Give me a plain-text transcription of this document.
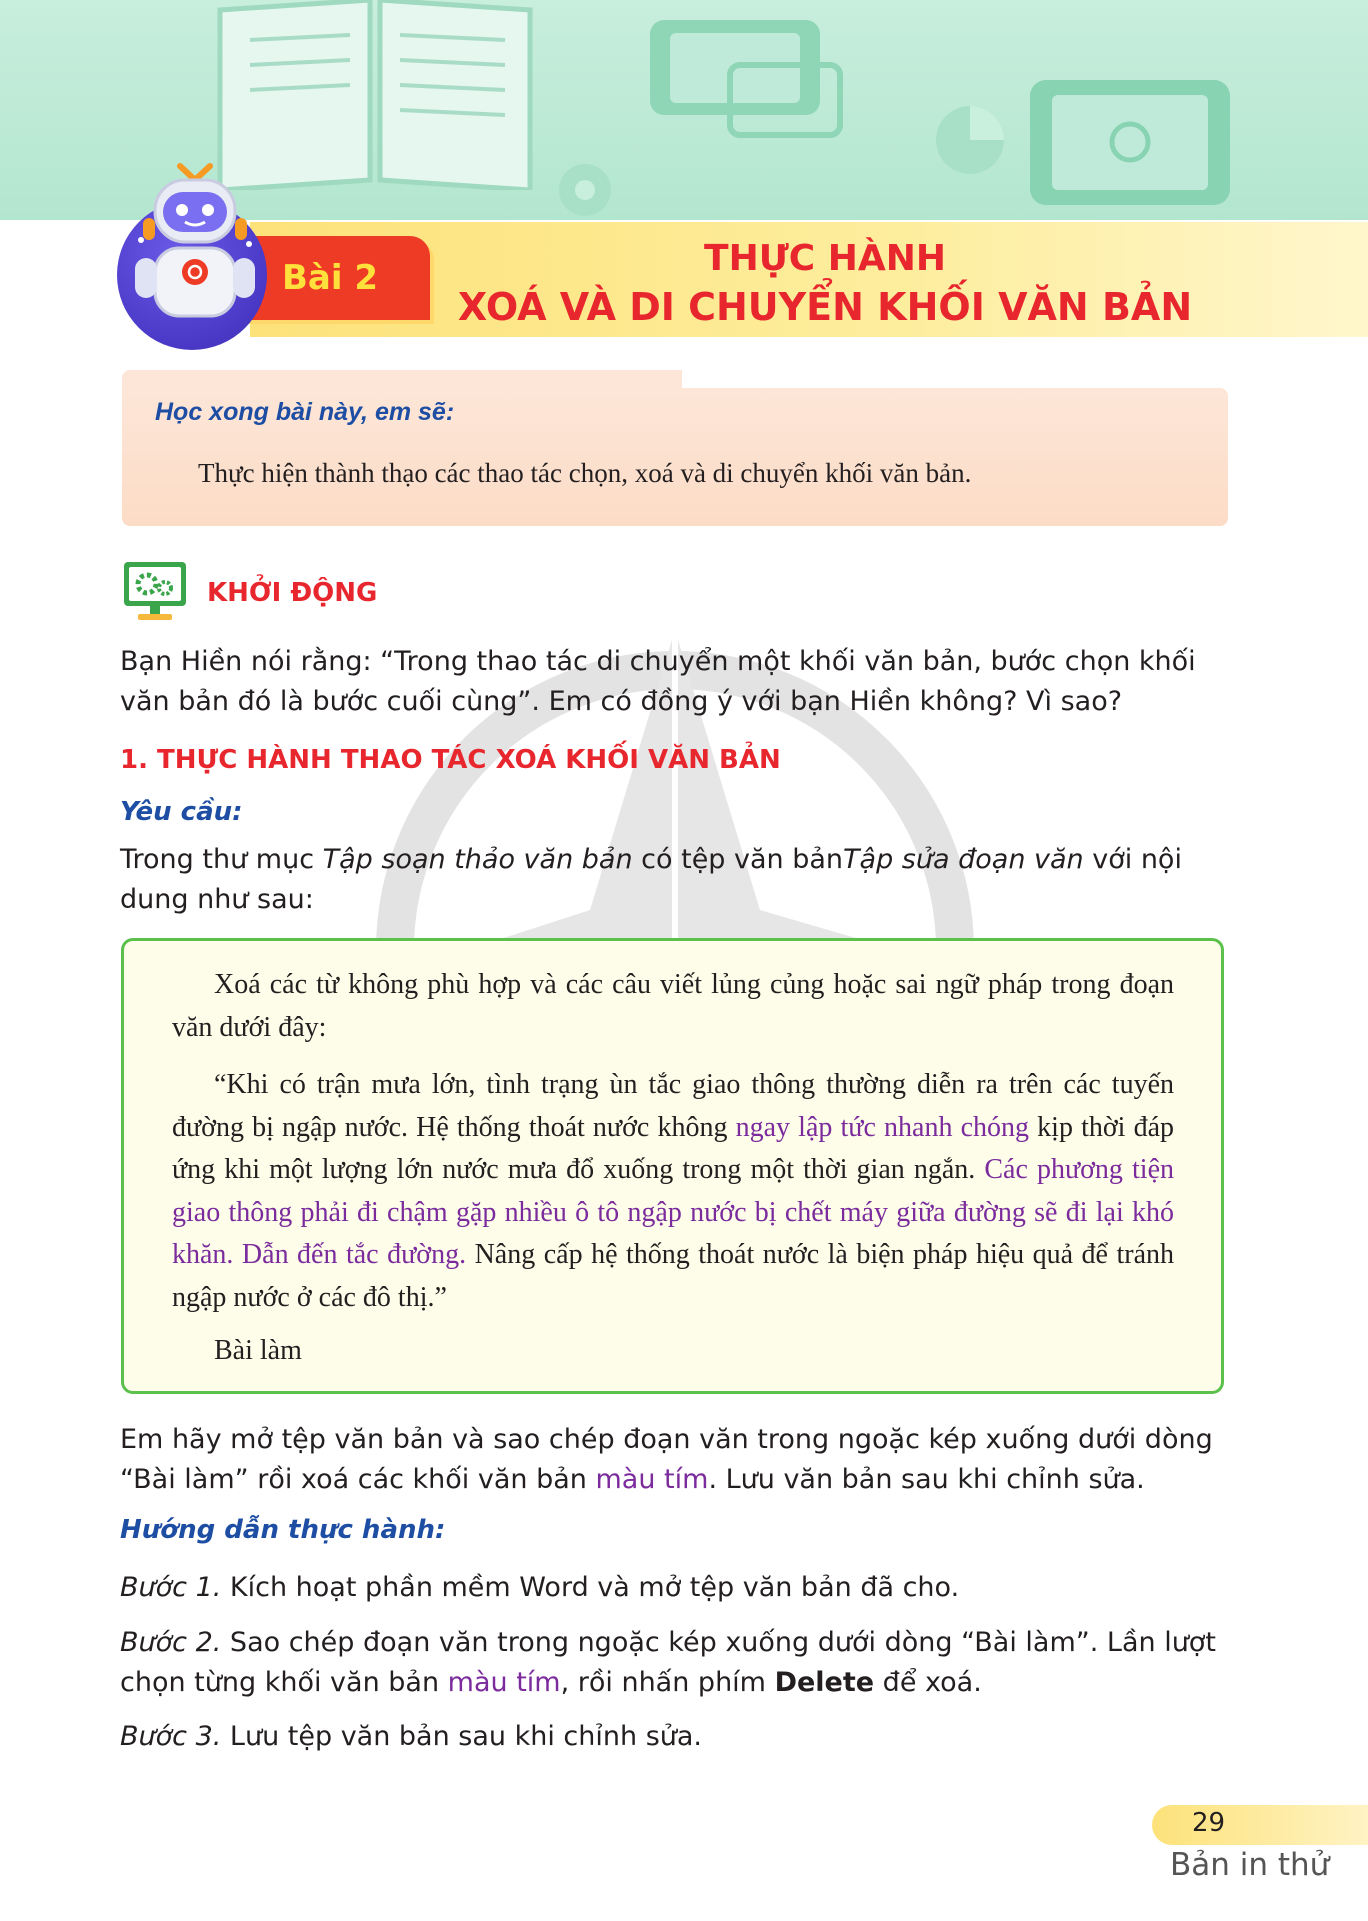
THỰC HÀNH
XOÁ VÀ DI CHUYỂN KHỐI VĂN BẢN
Bài 2
Học xong bài này, em sẽ:
Thực hiện thành thạo các thao tác chọn, xoá và di chuyển khối văn bản.
KHỞI ĐỘNG
Bạn Hiền nói rằng: “Trong thao tác di chuyển một khối văn bản, bước chọn khối văn bản đó là bước cuối cùng”. Em có đồng ý với bạn Hiền không? Vì sao?
1. THỰC HÀNH THAO TÁC XOÁ KHỐI VĂN BẢN
Yêu cầu:
Trong thư mục Tập soạn thảo văn bản có tệp văn bảnTập sửa đoạn văn với nội dung như sau:
Xoá các từ không phù hợp và các câu viết lủng củng hoặc sai ngữ pháp trong đoạn văn dưới đây:
“Khi có trận mưa lớn, tình trạng ùn tắc giao thông thường diễn ra trên các tuyến đường bị ngập nước. Hệ thống thoát nước không ngay lập tức nhanh chóng kịp thời đáp ứng khi một lượng lớn nước mưa đổ xuống trong một thời gian ngắn. Các phương tiện giao thông phải đi chậm gặp nhiều ô tô ngập nước bị chết máy giữa đường sẽ đi lại khó khăn. Dẫn đến tắc đường. Nâng cấp hệ thống thoát nước là biện pháp hiệu quả để tránh ngập nước ở các đô thị.”
Bài làm
Em hãy mở tệp văn bản và sao chép đoạn văn trong ngoặc kép xuống dưới dòng “Bài làm” rồi xoá các khối văn bản màu tím. Lưu văn bản sau khi chỉnh sửa.
Hướng dẫn thực hành:
Bước 1. Kích hoạt phần mềm Word và mở tệp văn bản đã cho.
Bước 2. Sao chép đoạn văn trong ngoặc kép xuống dưới dòng “Bài làm”. Lần lượt chọn từng khối văn bản màu tím, rồi nhấn phím Delete để xoá.
Bước 3. Lưu tệp văn bản sau khi chỉnh sửa.
29
Bản in thử
